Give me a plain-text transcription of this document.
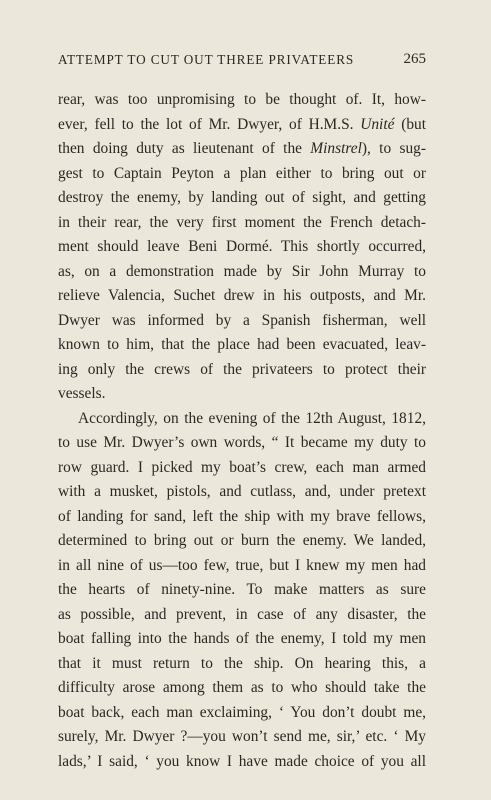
ATTEMPT TO CUT OUT THREE PRIVATEERS	265
rear, was too unpromising to be thought of. It, how-
ever, fell to the lot of Mr. Dwyer, of H.M.S. Unité (but
then doing duty as lieutenant of the Minstrel), to sug-
gest to Captain Peyton a plan either to bring out or
destroy the enemy, by landing out of sight, and getting
in their rear, the very first moment the French detach-
ment should leave Beni Dormé. This shortly occurred,
as, on a demonstration made by Sir John Murray to
relieve Valencia, Suchet drew in his outposts, and Mr.
Dwyer was informed by a Spanish fisherman, well
known to him, that the place had been evacuated, leav-
ing only the crews of the privateers to protect their
vessels.
Accordingly, on the evening of the 12th August, 1812,
to use Mr. Dwyer’s own words, “ It became my duty to
row guard. I picked my boat’s crew, each man armed
with a musket, pistols, and cutlass, and, under pretext
of landing for sand, left the ship with my brave fellows,
determined to bring out or burn the enemy. We landed,
in all nine of us—too few, true, but I knew my men had
the hearts of ninety-nine. To make matters as sure
as possible, and prevent, in case of any disaster, the
boat falling into the hands of the enemy, I told my men
that it must return to the ship. On hearing this, a
difficulty arose among them as to who should take the
boat back, each man exclaiming, ‘ You don’t doubt me,
surely, Mr. Dwyer ?—you won’t send me, sir,’ etc. ‘ My
lads,’ I said, ‘ you know I have made choice of you all
